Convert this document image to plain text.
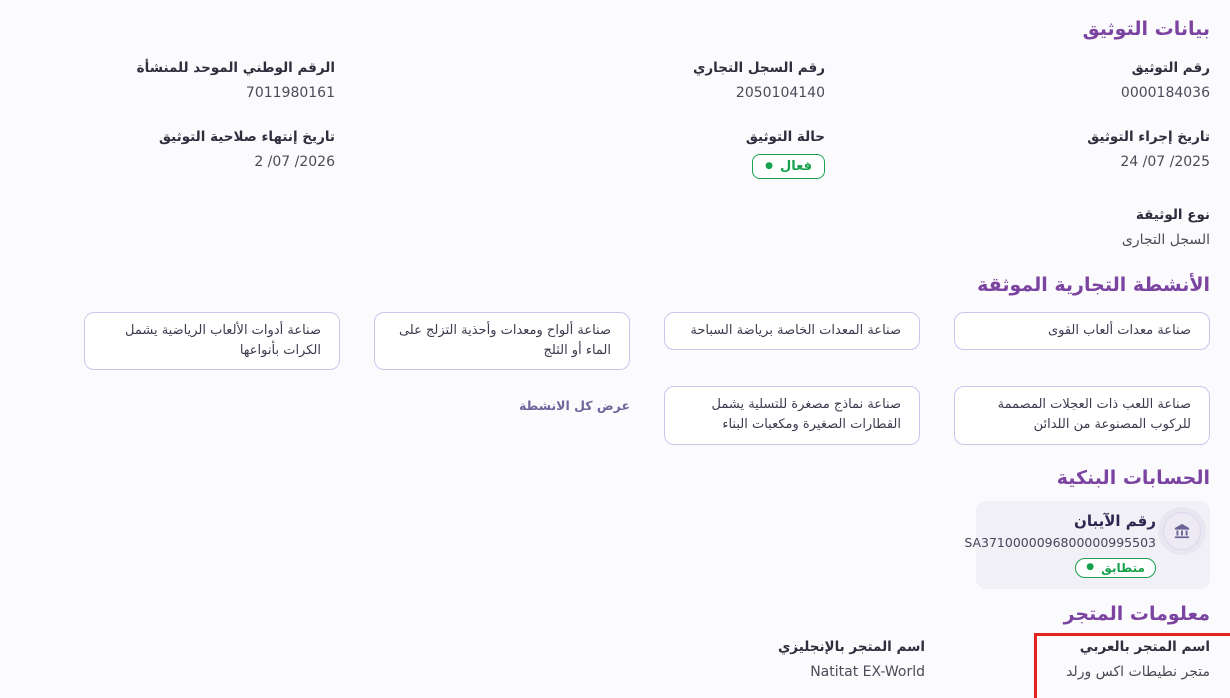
بيانات التوثيق
رقم التوثيق
0000184036
رقم السجل التجاري
2050104140
الرقم الوطني الموحد للمنشأة
7011980161
تاريخ إجراء التوثيق
24 /07 /2025
حالة التوثيق
فعال ●
تاريخ إنتهاء صلاحية التوثيق
2 /07 /2026
نوع الوثيقة
السجل التجارى
الأنشطة التجارية الموثقة
صناعة معدات ألعاب القوى
صناعة المعدات الخاصة برياضة السباحة
صناعة ألواح ومعدات وأحذية التزلج على الماء أو الثلج
صناعة أدوات الألعاب الرياضية يشمل الكرات بأنواعها
صناعة اللعب ذات العجلات المصممة للركوب المصنوعة من اللدائن
صناعة نماذج مصغرة للتسلية يشمل القطارات الصغيرة ومكعبات البناء
عرض كل الانشطة
الحسابات البنكية
رقم الآيبان
SA3710000096800000995503
متطابق ●
معلومات المتجر
اسم المتجر بالعربي
متجر نطيطات اكس ورلد
اسم المتجر بالإنجليزي
Natitat EX-World
